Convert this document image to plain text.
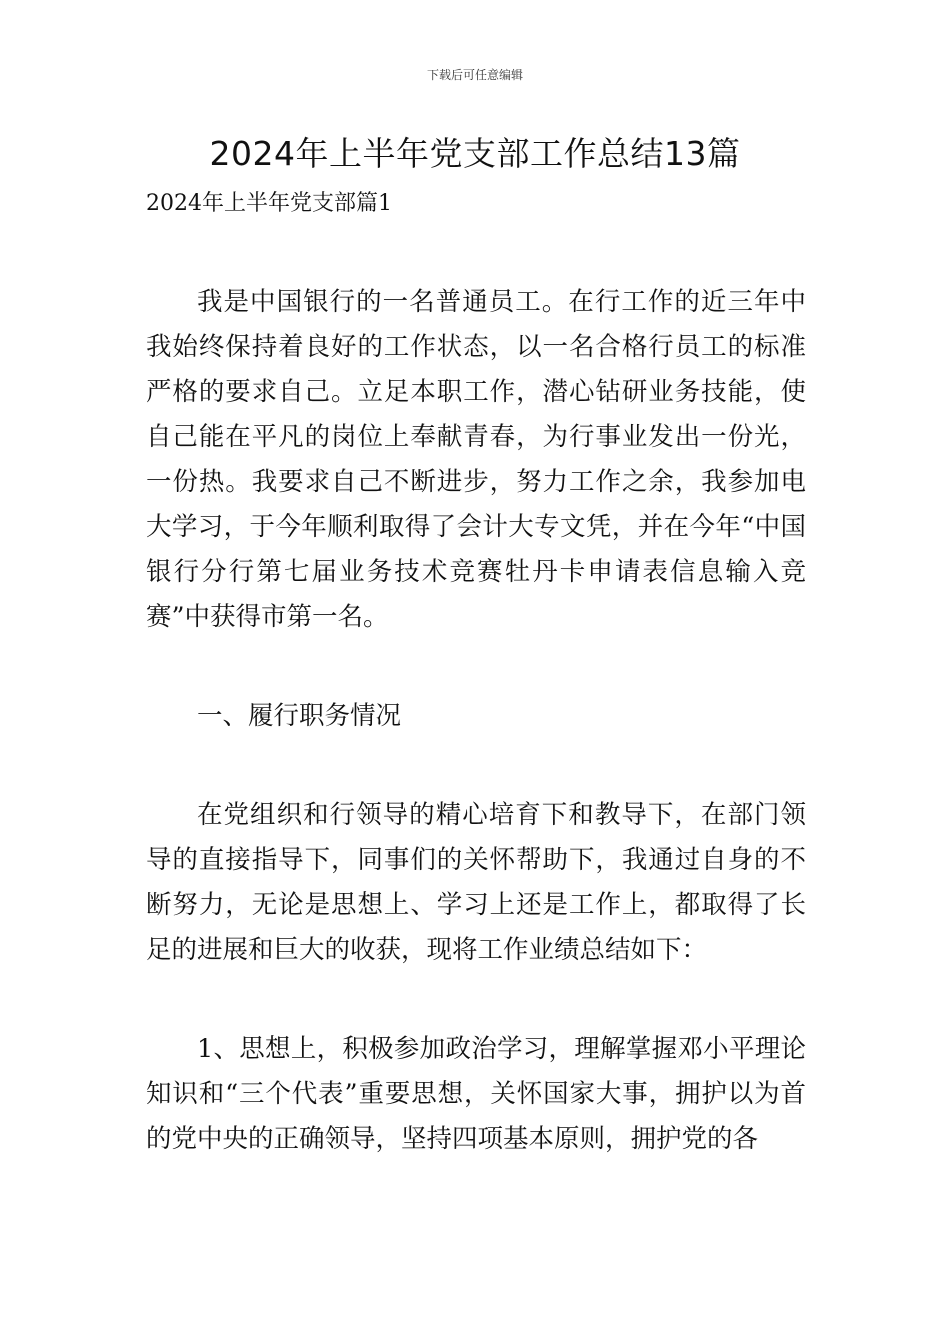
下载后可任意编辑
2024年上半年党支部工作总结13篇

2024年上半年党支部篇1

我是中国银行的一名普通员工。在行工作的近三年中我始终保持着良好的工作状态，以一名合格行员工的标准严格的要求自己。立足本职工作，潜心钻研业务技能，使自己能在平凡的岗位上奉献青春，为行事业发出一份光，一份热。我要求自己不断进步，努力工作之余，我参加电大学习，于今年顺利取得了会计大专文凭，并在今年“中国银行分行第七届业务技术竞赛牡丹卡申请表信息输入竞赛”中获得市第一名。

一、履行职务情况

在党组织和行领导的精心培育下和教导下，在部门领导的直接指导下，同事们的关怀帮助下，我通过自身的不断努力，无论是思想上、学习上还是工作上，都取得了长足的进展和巨大的收获，现将工作业绩总结如下：

1、思想上，积极参加政治学习，理解掌握邓小平理论知识和“三个代表”重要思想，关怀国家大事，拥护以为首的党中央的正确领导，坚持四项基本原则，拥护党的各
